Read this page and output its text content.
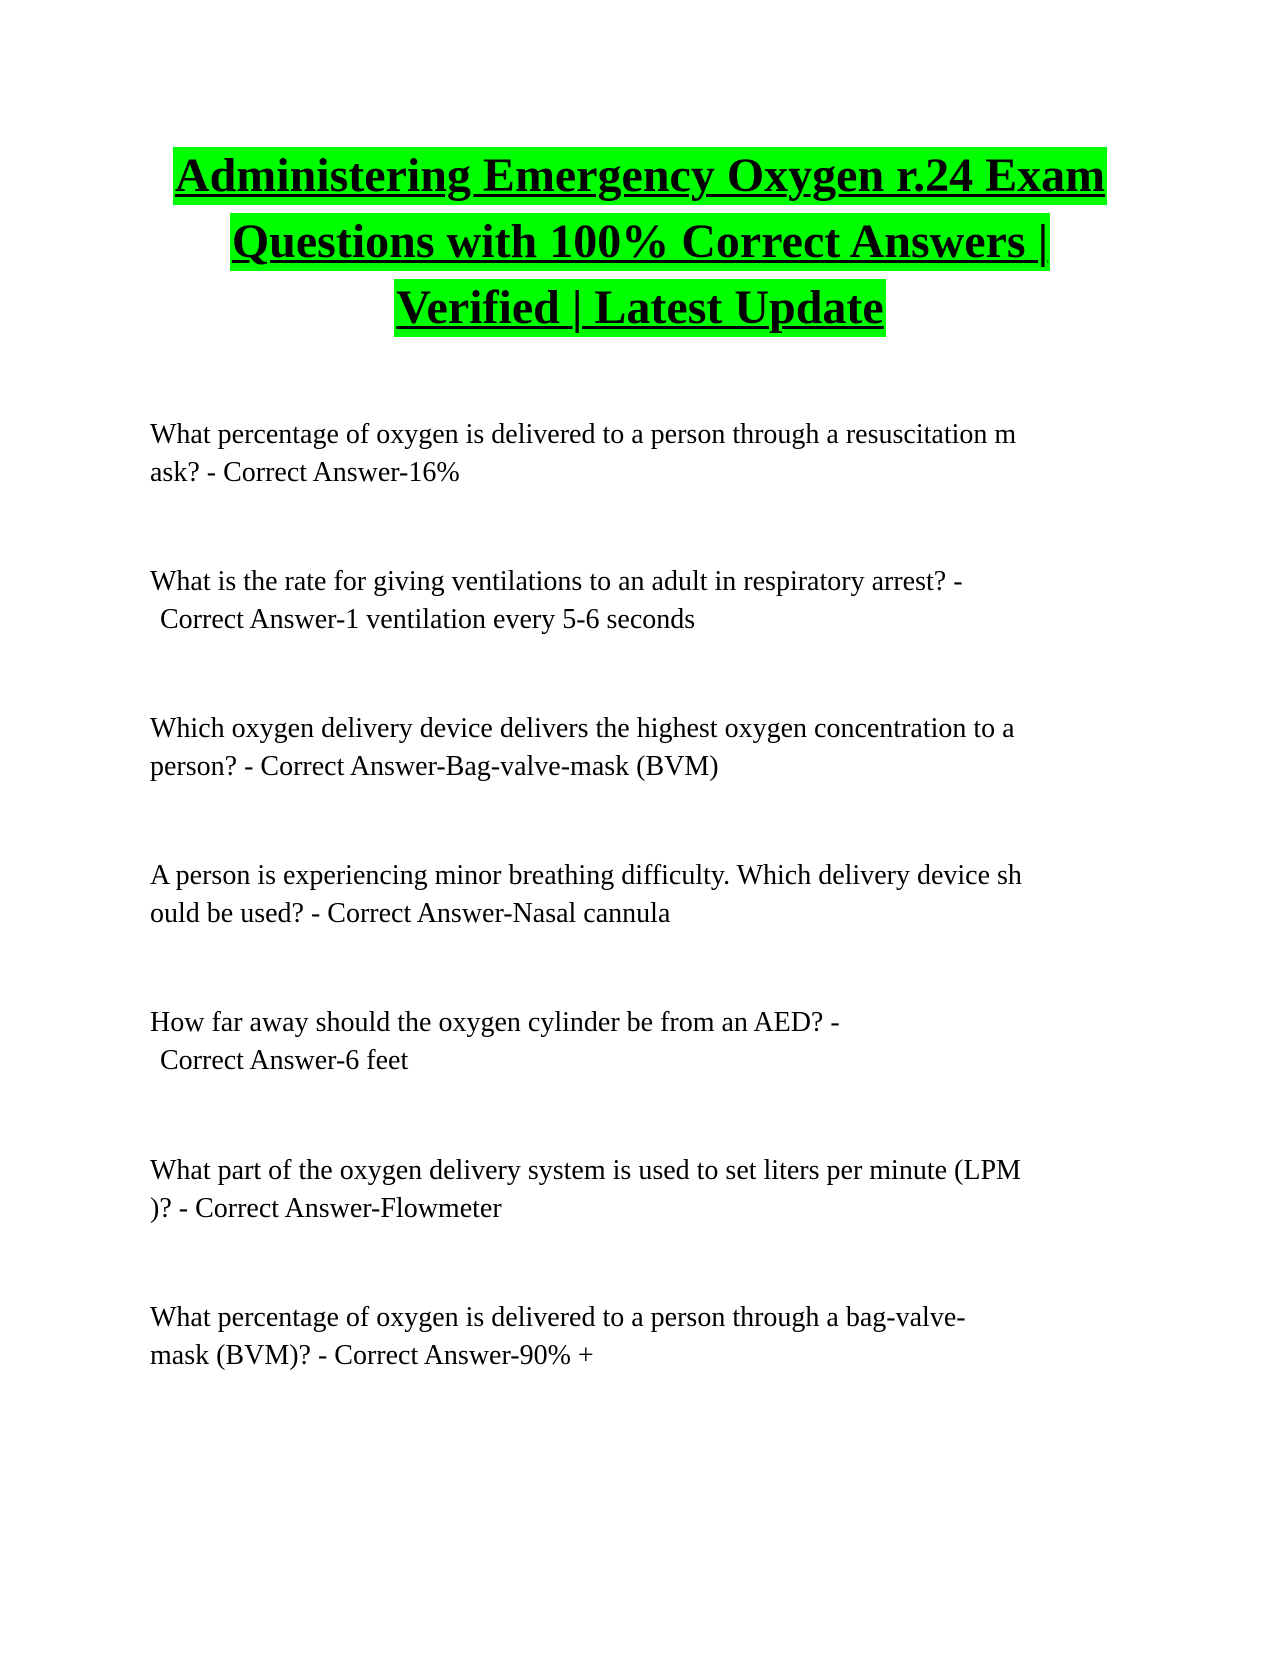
Administering Emergency Oxygen r.24 Exam
Questions with 100% Correct Answers |
Verified | Latest Update
What percentage of oxygen is delivered to a person through a resuscitation m
ask? - Correct Answer-16%
What is the rate for giving ventilations to an adult in respiratory arrest? -
Correct Answer-1 ventilation every 5-6 seconds
Which oxygen delivery device delivers the highest oxygen concentration to a
person? - Correct Answer-Bag-valve-mask (BVM)
A person is experiencing minor breathing difficulty. Which delivery device sh
ould be used? - Correct Answer-Nasal cannula
How far away should the oxygen cylinder be from an AED? -
Correct Answer-6 feet
What part of the oxygen delivery system is used to set liters per minute (LPM
)? - Correct Answer-Flowmeter
What percentage of oxygen is delivered to a person through a bag-valve-
mask (BVM)? - Correct Answer-90% +
